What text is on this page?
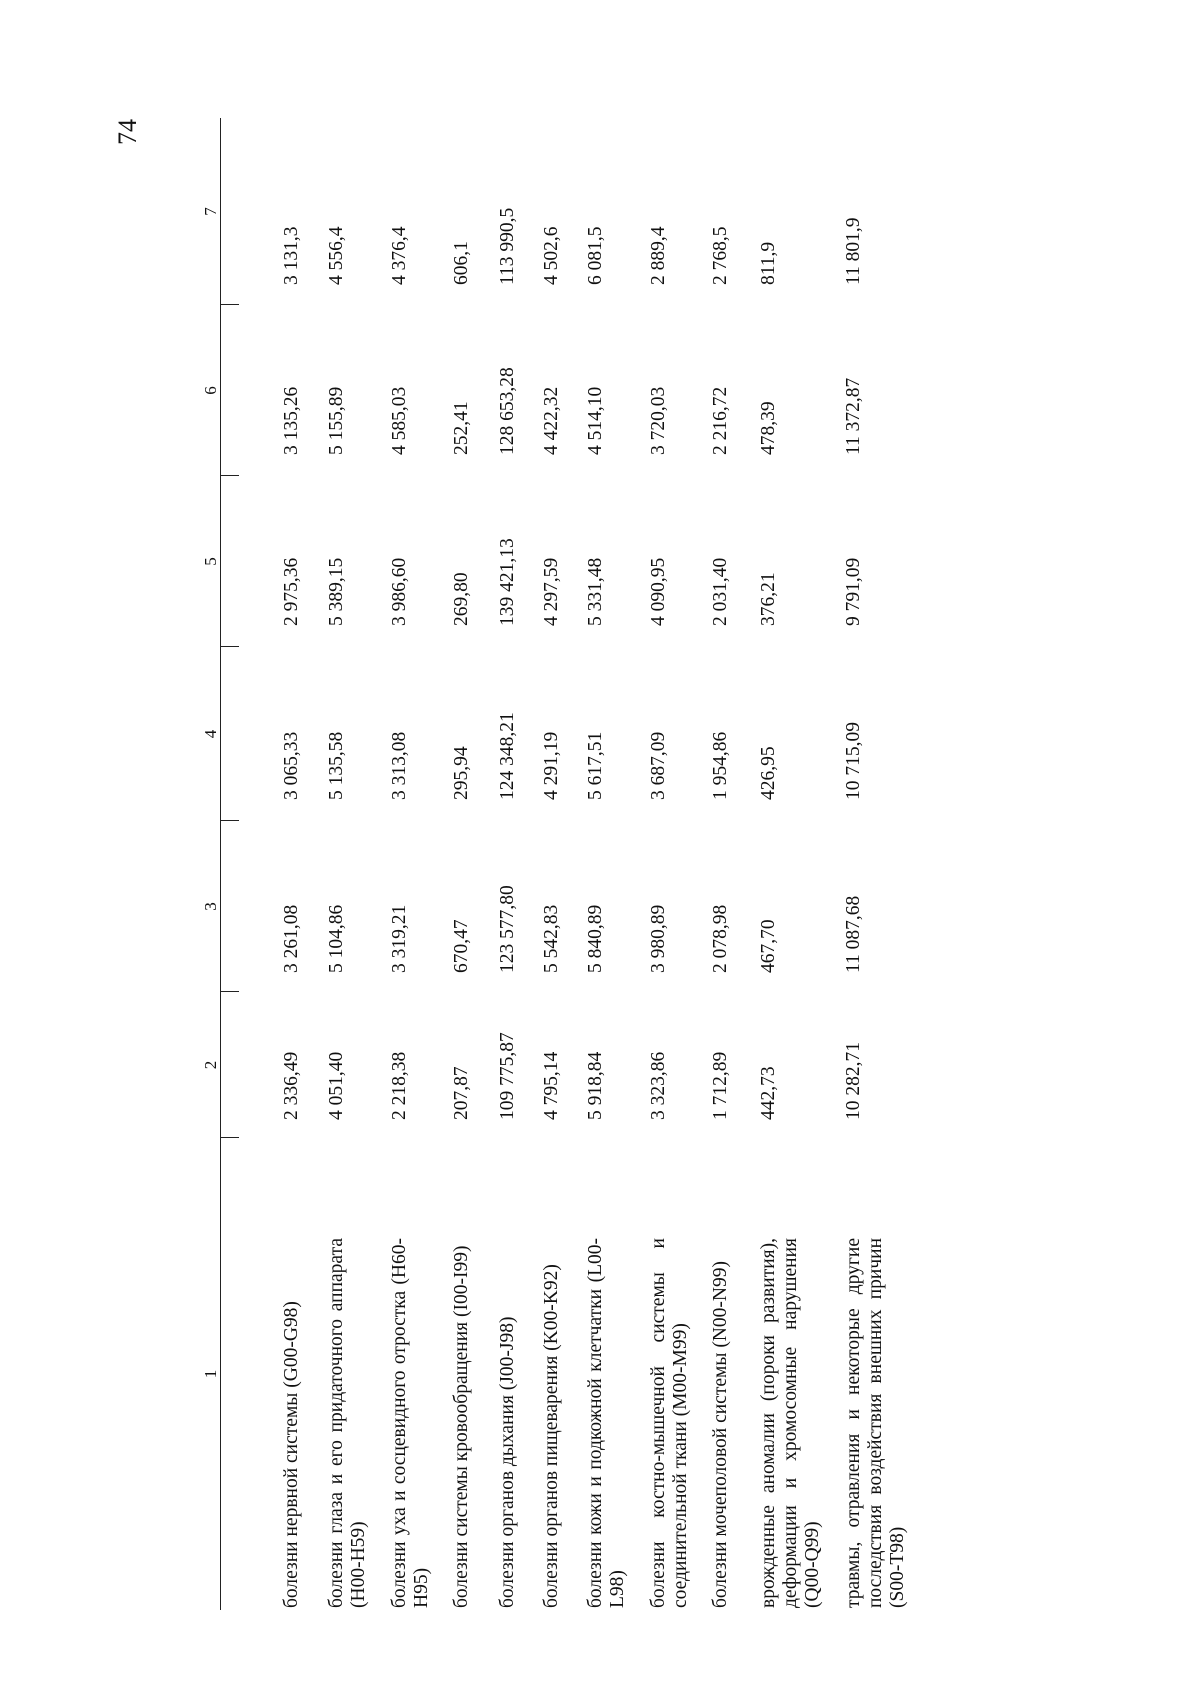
74
1
2
3
4
5
6
7
болезни нервной системы (G00-G98)
2 336,49
3 261,08
3 065,33
2 975,36
3 135,26
3 131,3
болезни глаза и его придаточного аппарата (H00-H59)
4 051,40
5 104,86
5 135,58
5 389,15
5 155,89
4 556,4
болезни уха и сосцевидного отростка (H60-H95)
2 218,38
3 319,21
3 313,08
3 986,60
4 585,03
4 376,4
болезни системы кровообращения (I00-I99)
207,87
670,47
295,94
269,80
252,41
606,1
болезни органов дыхания (J00-J98)
109 775,87
123 577,80
124 348,21
139 421,13
128 653,28
113 990,5
болезни органов пищеварения (K00-K92)
4 795,14
5 542,83
4 291,19
4 297,59
4 422,32
4 502,6
болезни кожи и подкожной клетчатки (L00-L98)
5 918,84
5 840,89
5 617,51
5 331,48
4 514,10
6 081,5
болезни костно-мышечной системы и соединительной ткани (M00-M99)
3 323,86
3 980,89
3 687,09
4 090,95
3 720,03
2 889,4
болезни мочеполовой системы (N00-N99)
1 712,89
2 078,98
1 954,86
2 031,40
2 216,72
2 768,5
врожденные аномалии (пороки развития), деформации и хромосомные нарушения (Q00-Q99)
442,73
467,70
426,95
376,21
478,39
811,9
травмы, отравления и некоторые другие последствия воздействия внешних причин (S00-T98)
10 282,71
11 087,68
10 715,09
9 791,09
11 372,87
11 801,9
